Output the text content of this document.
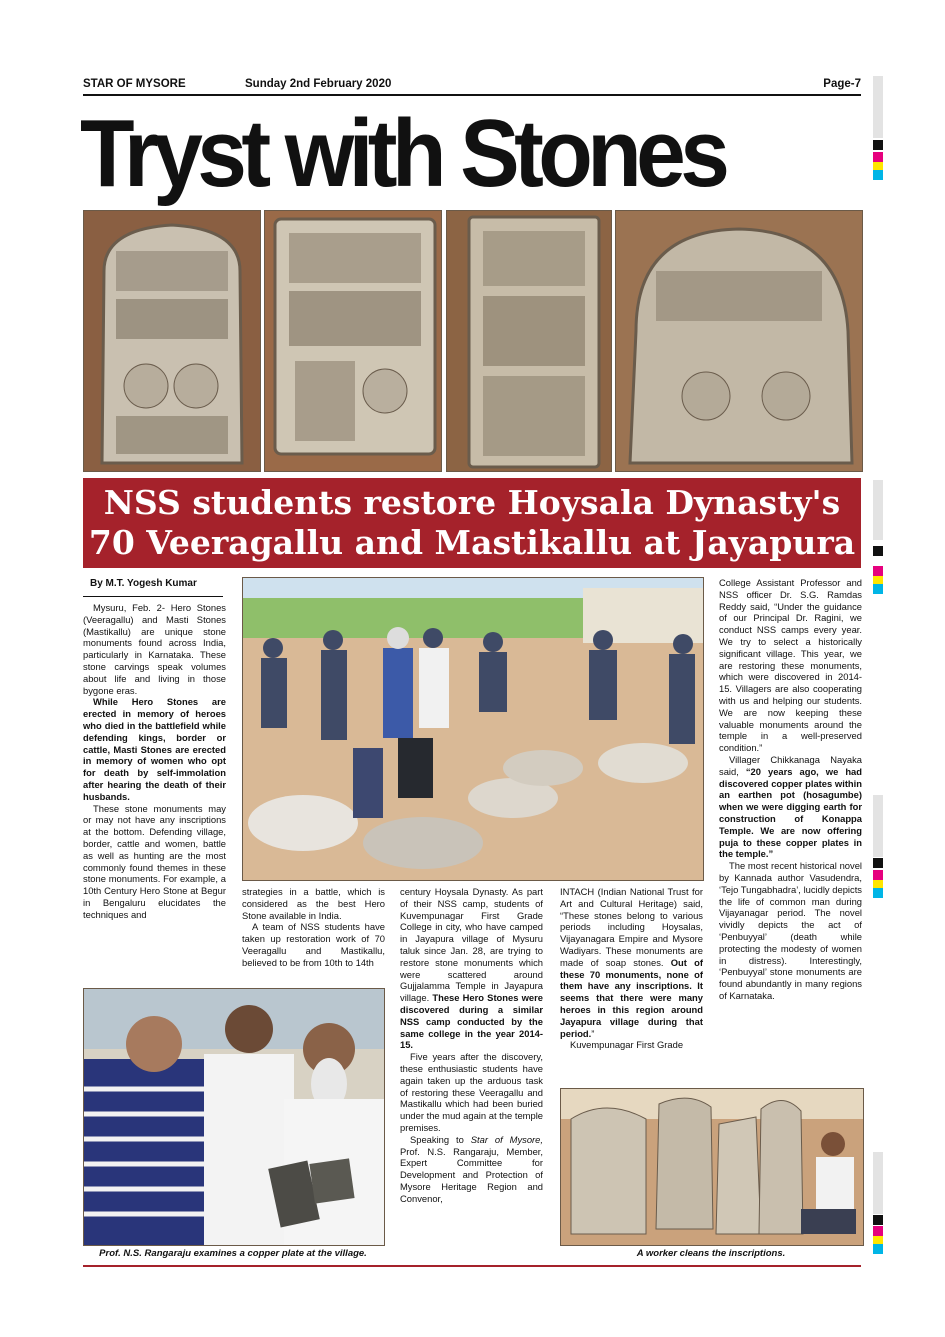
STAR OF MYSORE	Sunday 2nd February 2020	Page-7
Tryst with Stones
NSS students restore Hoysala Dynasty's
70 Veeragallu and Mastikallu at Jayapura
By M.T. Yogesh Kumar

Mysuru, Feb. 2- Hero Stones (Veeragallu) and Masti Stones (Mastikallu) are unique stone monuments found across India, particularly in Karnataka. These stone carvings speak volumes about life and living in those bygone eras.

While Hero Stones are erected in memory of heroes who died in the battlefield while defending kings, border or cattle, Masti Stones are erected in memory of women who opt for death by self-immolation after hearing the death of their husbands.

These stone monuments may or may not have any inscriptions at the bottom. Defending village, border, cattle and women, battle as well as hunting are the most commonly found themes in these stone monuments. For example, a 10th Century Hero Stone at Begur in Bengaluru elucidates the techniques and

strategies in a battle, which is considered as the best Hero Stone available in India.

A team of NSS students have taken up restoration work of 70 Veeragallu and Mastikallu, believed to be from 10th to 14th

century Hoysala Dynasty. As part of their NSS camp, students of Kuvempunagar First Grade College in city, who have camped in Jayapura village of Mysuru taluk since Jan. 28, are trying to restore stone monuments which were scattered around Gujjalamma Temple in Jayapura village. These Hero Stones were discovered during a similar NSS camp conducted by the same college in the year 2014-15.

Five years after the discovery, these enthusiastic students have again taken up the arduous task of restoring these Veeragallu and Mastikallu which had been buried under the mud again at the temple premises.

Speaking to Star of Mysore, Prof. N.S. Rangaraju, Member, Expert Committee for Development and Protection of Mysore Heritage Region and Convenor,

INTACH (Indian National Trust for Art and Cultural Heritage) said, “These stones belong to various periods including Hoysalas, Vijayanagara Empire and Mysore Wadiyars. These monuments are made of soap stones. Out of these 70 monuments, none of them have any inscriptions. It seems that there were many heroes in this region around Jayapura village during that period.”

Kuvempunagar First Grade

College Assistant Professor and NSS officer Dr. S.G. Ramdas Reddy said, “Under the guidance of our Principal Dr. Ragini, we conduct NSS camps every year. We try to select a historically significant village. This year, we are restoring these monuments, which were discovered in 2014-15. Villagers are also cooperating with us and helping our students. We are now keeping these valuable monuments around the temple in a well-preserved condition.”

Villager Chikkanaga Nayaka said, “20 years ago, we had discovered copper plates within an earthen pot (hosagumbe) when we were digging earth for construction of Konappa Temple. We are now offering puja to these copper plates in the temple.”

The most recent historical novel by Kannada author Vasudendra, ‘Tejo Tungabhadra’, lucidly depicts the life of common man during Vijayanagar period. The novel vividly depicts the act of ‘Penbuyyal’ (death while protecting the modesty of women in distress). Interestingly, ‘Penbuyyal’ stone monuments are found abundantly in many regions of Karnataka.

Prof. N.S. Rangaraju examines a copper plate at the village.	A worker cleans the inscriptions.
